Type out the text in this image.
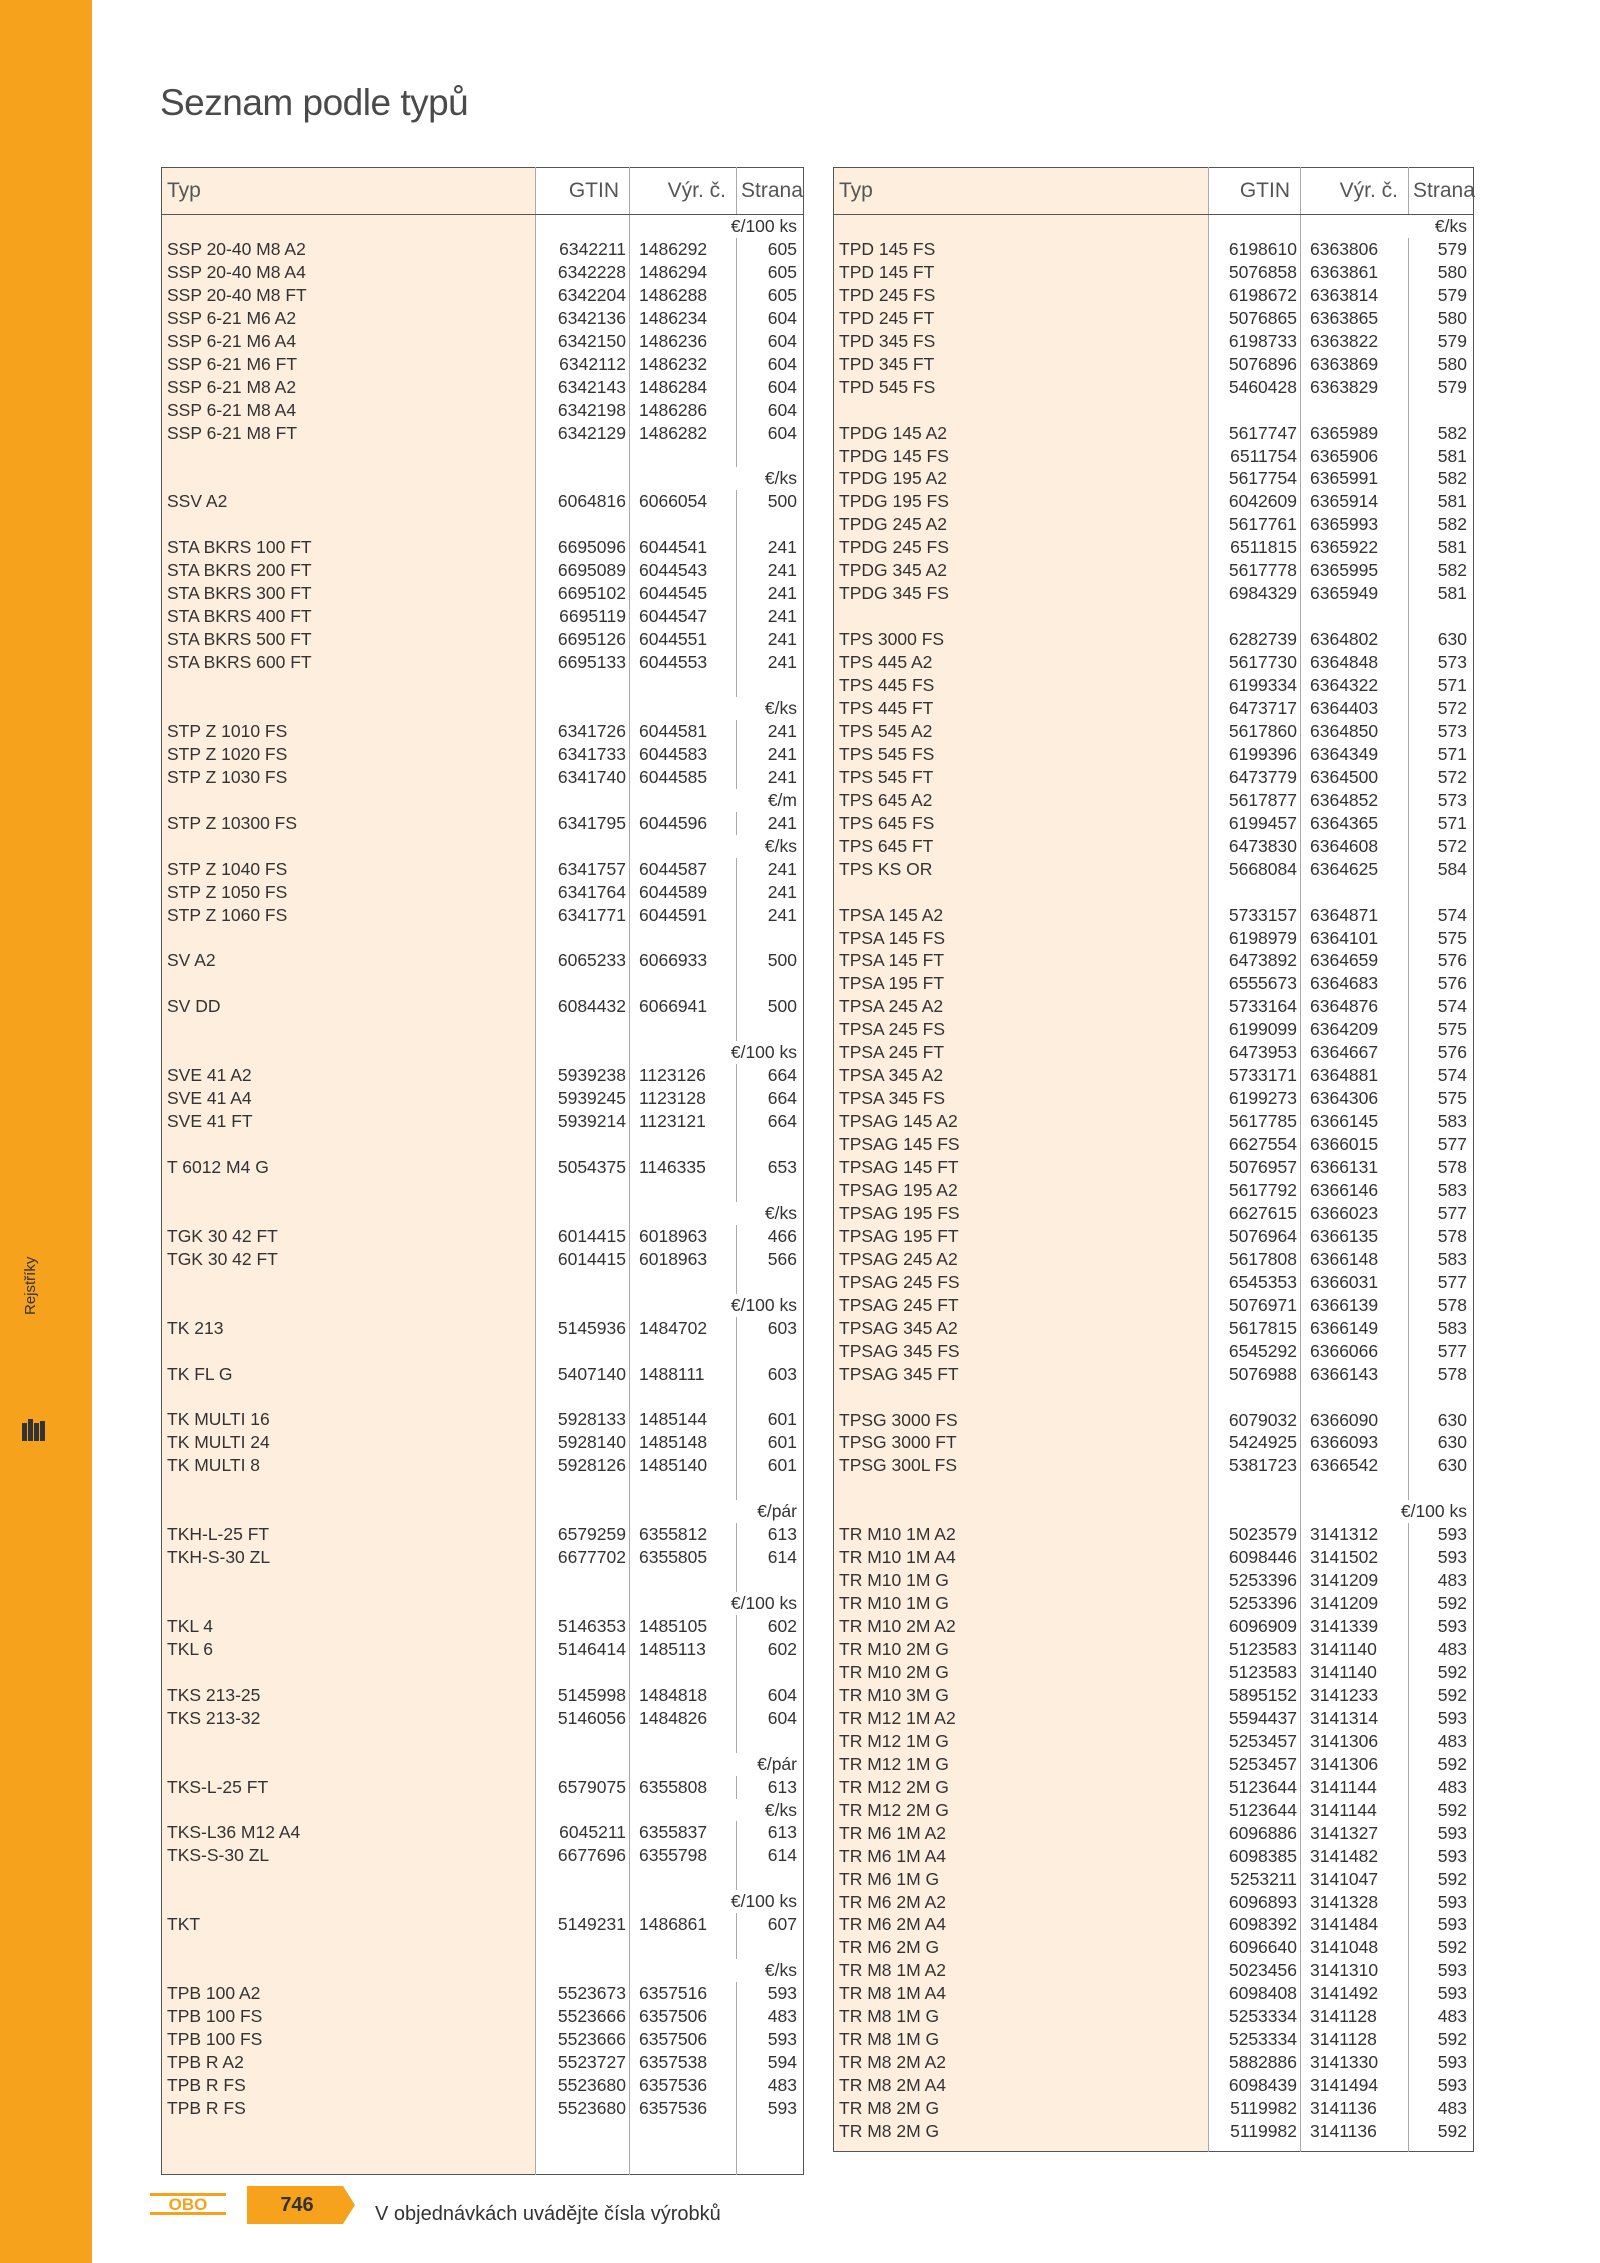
Rejstříky
Seznam podle typů
Typ	GTIN	Výr. č.	Strana
		€/100 ks	
SSP 20-40 M8 A2	6342211	1486292	605
SSP 20-40 M8 A4	6342228	1486294	605
SSP 20-40 M8 FT	6342204	1486288	605
SSP 6-21 M6 A2	6342136	1486234	604
SSP 6-21 M6 A4	6342150	1486236	604
SSP 6-21 M6 FT	6342112	1486232	604
SSP 6-21 M8 A2	6342143	1486284	604
SSP 6-21 M8 A4	6342198	1486286	604
SSP 6-21 M8 FT	6342129	1486282	604

		€/ks	
SSV A2	6064816	6066054	500

STA BKRS 100 FT	6695096	6044541	241
STA BKRS 200 FT	6695089	6044543	241
STA BKRS 300 FT	6695102	6044545	241
STA BKRS 400 FT	6695119	6044547	241
STA BKRS 500 FT	6695126	6044551	241
STA BKRS 600 FT	6695133	6044553	241

		€/ks	
STP Z 1010 FS	6341726	6044581	241
STP Z 1020 FS	6341733	6044583	241
STP Z 1030 FS	6341740	6044585	241
		€/m	
STP Z 10300 FS	6341795	6044596	241
		€/ks	
STP Z 1040 FS	6341757	6044587	241
STP Z 1050 FS	6341764	6044589	241
STP Z 1060 FS	6341771	6044591	241

SV A2	6065233	6066933	500

SV DD	6084432	6066941	500

		€/100 ks	
SVE 41 A2	5939238	1123126	664
SVE 41 A4	5939245	1123128	664
SVE 41 FT	5939214	1123121	664

T 6012 M4 G	5054375	1146335	653

		€/ks	
TGK 30 42 FT	6014415	6018963	466
TGK 30 42 FT	6014415	6018963	566

		€/100 ks	
TK 213	5145936	1484702	603

TK FL G	5407140	1488111	603

TK MULTI 16	5928133	1485144	601
TK MULTI 24	5928140	1485148	601
TK MULTI 8	5928126	1485140	601

		€/pár	
TKH-L-25 FT	6579259	6355812	613
TKH-S-30 ZL	6677702	6355805	614

		€/100 ks	
TKL 4	5146353	1485105	602
TKL 6	5146414	1485113	602

TKS 213-25	5145998	1484818	604
TKS 213-32	5146056	1484826	604

		€/pár	
TKS-L-25 FT	6579075	6355808	613
		€/ks	
TKS-L36 M12 A4	6045211	6355837	613
TKS-S-30 ZL	6677696	6355798	614

		€/100 ks	
TKT	5149231	1486861	607

		€/ks	
TPB 100 A2	5523673	6357516	593
TPB 100 FS	5523666	6357506	483
TPB 100 FS	5523666	6357506	593
TPB R A2	5523727	6357538	594
TPB R FS	5523680	6357536	483
TPB R FS	5523680	6357536	593

Typ	GTIN	Výr. č.	Strana
		€/ks	
TPD 145 FS	6198610	6363806	579
TPD 145 FT	5076858	6363861	580
TPD 245 FS	6198672	6363814	579
TPD 245 FT	5076865	6363865	580
TPD 345 FS	6198733	6363822	579
TPD 345 FT	5076896	6363869	580
TPD 545 FS	5460428	6363829	579

TPDG 145 A2	5617747	6365989	582
TPDG 145 FS	6511754	6365906	581
TPDG 195 A2	5617754	6365991	582
TPDG 195 FS	6042609	6365914	581
TPDG 245 A2	5617761	6365993	582
TPDG 245 FS	6511815	6365922	581
TPDG 345 A2	5617778	6365995	582
TPDG 345 FS	6984329	6365949	581

TPS 3000 FS	6282739	6364802	630
TPS 445 A2	5617730	6364848	573
TPS 445 FS	6199334	6364322	571
TPS 445 FT	6473717	6364403	572
TPS 545 A2	5617860	6364850	573
TPS 545 FS	6199396	6364349	571
TPS 545 FT	6473779	6364500	572
TPS 645 A2	5617877	6364852	573
TPS 645 FS	6199457	6364365	571
TPS 645 FT	6473830	6364608	572
TPS KS OR	5668084	6364625	584

TPSA 145 A2	5733157	6364871	574
TPSA 145 FS	6198979	6364101	575
TPSA 145 FT	6473892	6364659	576
TPSA 195 FT	6555673	6364683	576
TPSA 245 A2	5733164	6364876	574
TPSA 245 FS	6199099	6364209	575
TPSA 245 FT	6473953	6364667	576
TPSA 345 A2	5733171	6364881	574
TPSA 345 FS	6199273	6364306	575
TPSAG 145 A2	5617785	6366145	583
TPSAG 145 FS	6627554	6366015	577
TPSAG 145 FT	5076957	6366131	578
TPSAG 195 A2	5617792	6366146	583
TPSAG 195 FS	6627615	6366023	577
TPSAG 195 FT	5076964	6366135	578
TPSAG 245 A2	5617808	6366148	583
TPSAG 245 FS	6545353	6366031	577
TPSAG 245 FT	5076971	6366139	578
TPSAG 345 A2	5617815	6366149	583
TPSAG 345 FS	6545292	6366066	577
TPSAG 345 FT	5076988	6366143	578

TPSG 3000 FS	6079032	6366090	630
TPSG 3000 FT	5424925	6366093	630
TPSG 300L FS	5381723	6366542	630

		€/100 ks	
TR M10 1M A2	5023579	3141312	593
TR M10 1M A4	6098446	3141502	593
TR M10 1M G	5253396	3141209	483
TR M10 1M G	5253396	3141209	592
TR M10 2M A2	6096909	3141339	593
TR M10 2M G	5123583	3141140	483
TR M10 2M G	5123583	3141140	592
TR M10 3M G	5895152	3141233	592
TR M12 1M A2	5594437	3141314	593
TR M12 1M G	5253457	3141306	483
TR M12 1M G	5253457	3141306	592
TR M12 2M G	5123644	3141144	483
TR M12 2M G	5123644	3141144	592
TR M6 1M A2	6096886	3141327	593
TR M6 1M A4	6098385	3141482	593
TR M6 1M G	5253211	3141047	592
TR M6 2M A2	6096893	3141328	593
TR M6 2M A4	6098392	3141484	593
TR M6 2M G	6096640	3141048	592
TR M8 1M A2	5023456	3141310	593
TR M8 1M A4	6098408	3141492	593
TR M8 1M G	5253334	3141128	483
TR M8 1M G	5253334	3141128	592
TR M8 2M A2	5882886	3141330	593
TR M8 2M A4	6098439	3141494	593
TR M8 2M G	5119982	3141136	483
TR M8 2M G	5119982	3141136	592
OBO	746	V objednávkách uvádějte čísla výrobků
